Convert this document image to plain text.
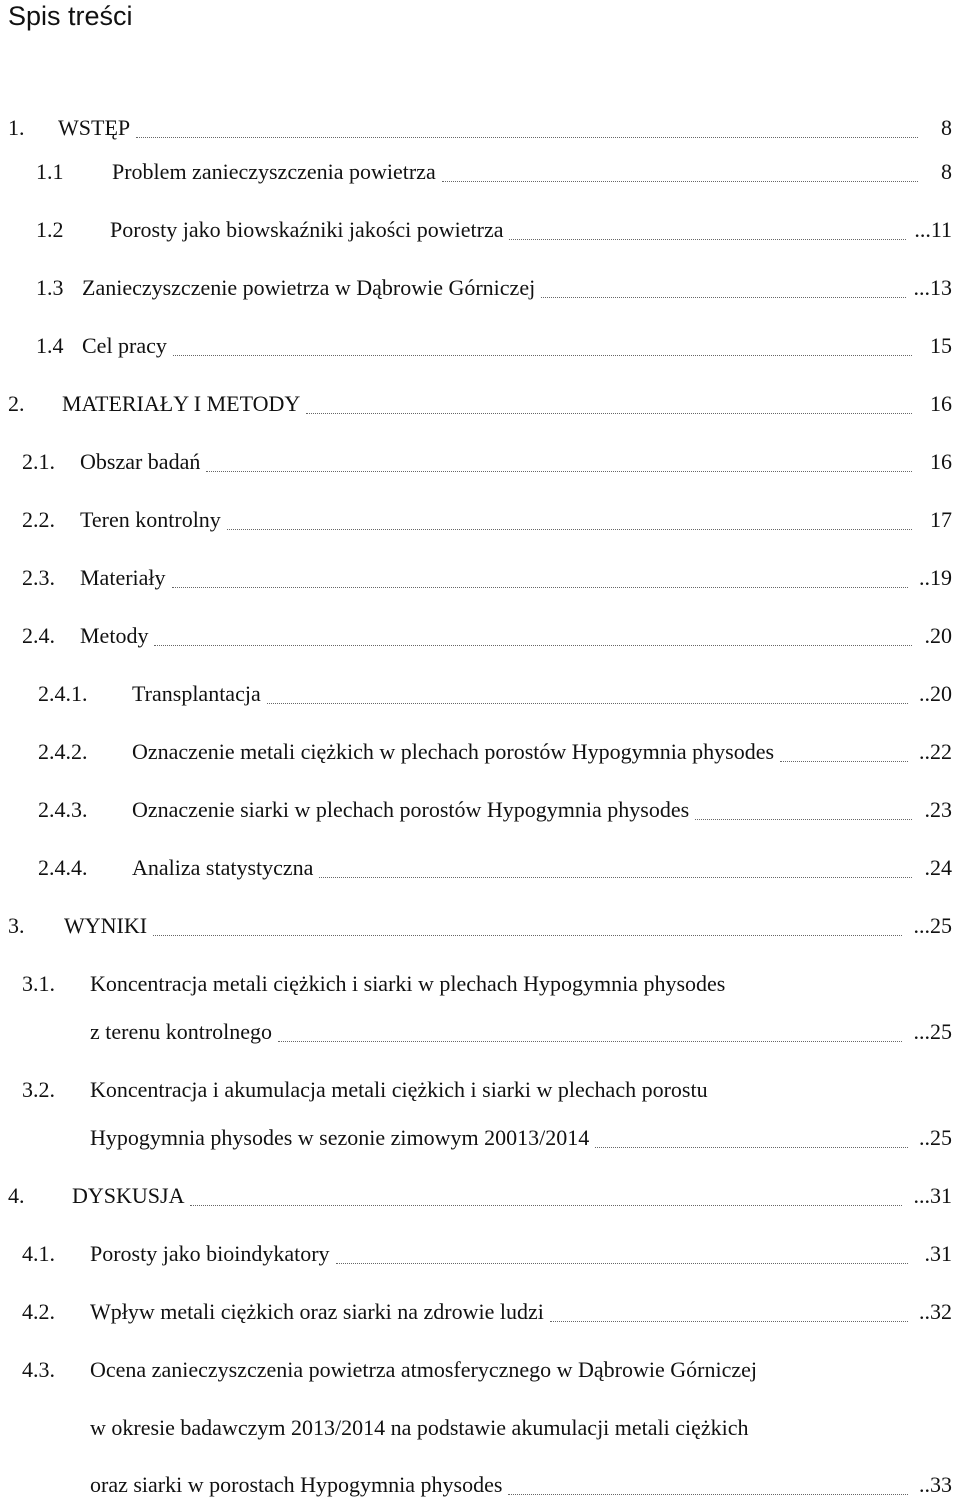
Spis treści
1. WSTĘP	8
1.1 Problem zanieczyszczenia powietrza	8
1.2 Porosty jako biowskaźniki jakości powietrza	...11
1.3 Zanieczyszczenie powietrza w Dąbrowie Górniczej	...13
1.4 Cel pracy	15
2. MATERIAŁY I METODY	16
2.1. Obszar badań	16
2.2. Teren kontrolny	17
2.3. Materiały	..19
2.4. Metody	.20
2.4.1. Transplantacja	..20
2.4.2. Oznaczenie metali ciężkich w plechach porostów Hypogymnia physodes	..22
2.4.3. Oznaczenie siarki w plechach porostów Hypogymnia physodes	.23
2.4.4. Analiza statystyczna	.24
3. WYNIKI	...25
3.1. Koncentracja metali ciężkich i siarki w plechach Hypogymnia physodes
z terenu kontrolnego	...25
3.2. Koncentracja i akumulacja metali ciężkich i siarki w plechach porostu
Hypogymnia physodes w sezonie zimowym 20013/2014	..25
4. DYSKUSJA	...31
4.1. Porosty jako bioindykatory	.31
4.2. Wpływ metali ciężkich oraz siarki na zdrowie ludzi	..32
4.3. Ocena zanieczyszczenia powietrza atmosferycznego w Dąbrowie Górniczej
w okresie badawczym 2013/2014 na podstawie akumulacji metali ciężkich
oraz siarki w porostach Hypogymnia physodes	..33
